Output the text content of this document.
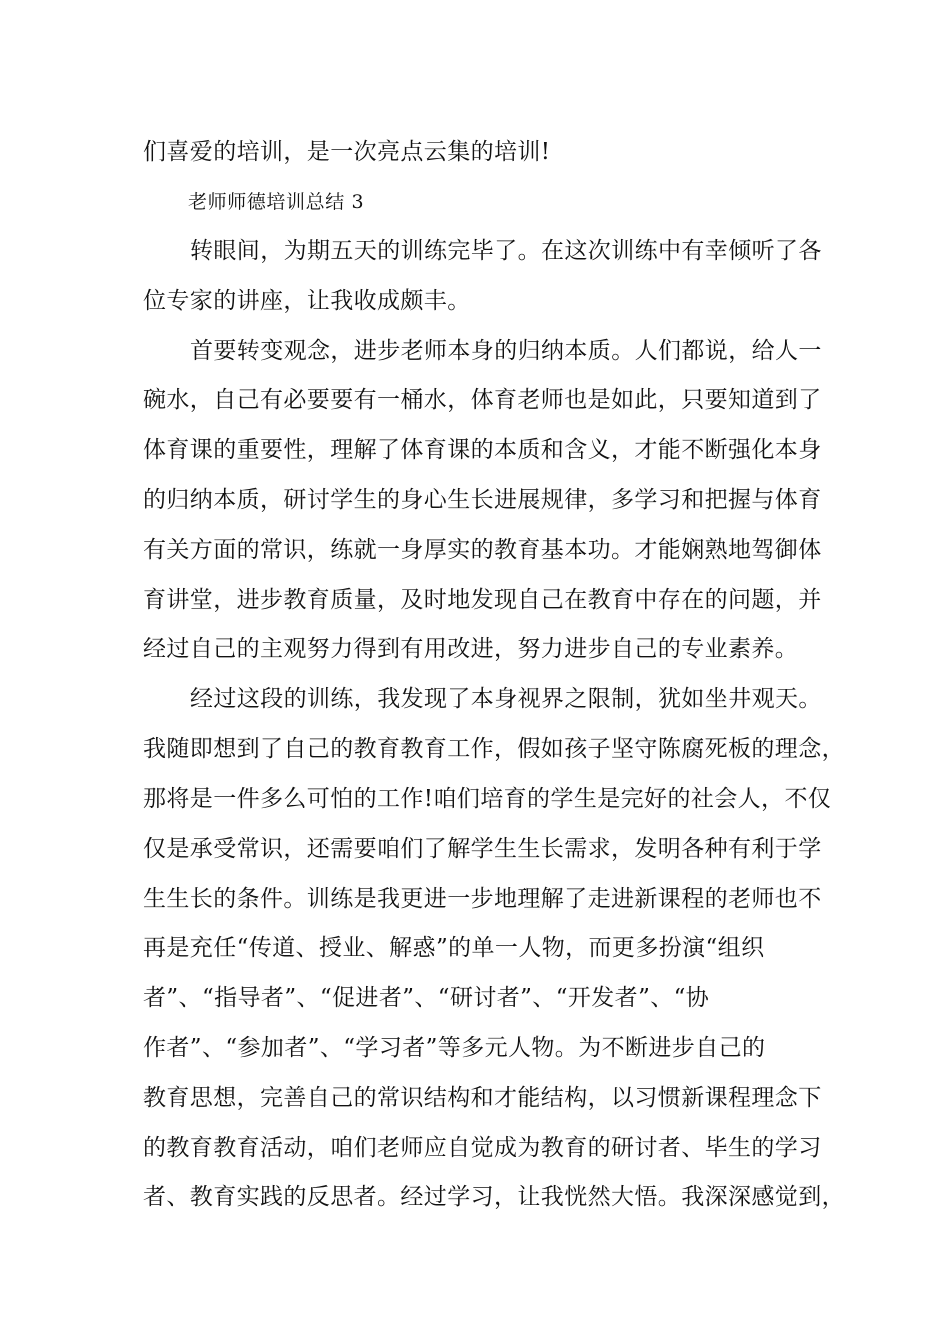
们喜爱的培训，是一次亮点云集的培训!
老师师德培训总结 3
转眼间，为期五天的训练完毕了。在这次训练中有幸倾听了各
位专家的讲座，让我收成颇丰。
首要转变观念，进步老师本身的归纳本质。人们都说，给人一
碗水，自己有必要要有一桶水，体育老师也是如此，只要知道到了
体育课的重要性，理解了体育课的本质和含义，才能不断强化本身
的归纳本质，研讨学生的身心生长进展规律，多学习和把握与体育
有关方面的常识，练就一身厚实的教育基本功。才能娴熟地驾御体
育讲堂，进步教育质量，及时地发现自己在教育中存在的问题，并
经过自己的主观努力得到有用改进，努力进步自己的专业素养。
经过这段的训练，我发现了本身视界之限制，犹如坐井观天。
我随即想到了自己的教育教育工作，假如孩子坚守陈腐死板的理念，
那将是一件多么可怕的工作!咱们培育的学生是完好的社会人，不仅
仅是承受常识，还需要咱们了解学生生长需求，发明各种有利于学
生生长的条件。训练是我更进一步地理解了走进新课程的老师也不
再是充任“传道、授业、解惑”的单一人物，而更多扮演“组织
者”、“指导者”、“促进者”、“研讨者”、“开发者”、“协
作者”、“参加者”、“学习者”等多元人物。为不断进步自己的
教育思想，完善自己的常识结构和才能结构，以习惯新课程理念下
的教育教育活动，咱们老师应自觉成为教育的研讨者、毕生的学习
者、教育实践的反思者。经过学习，让我恍然大悟。我深深感觉到，
